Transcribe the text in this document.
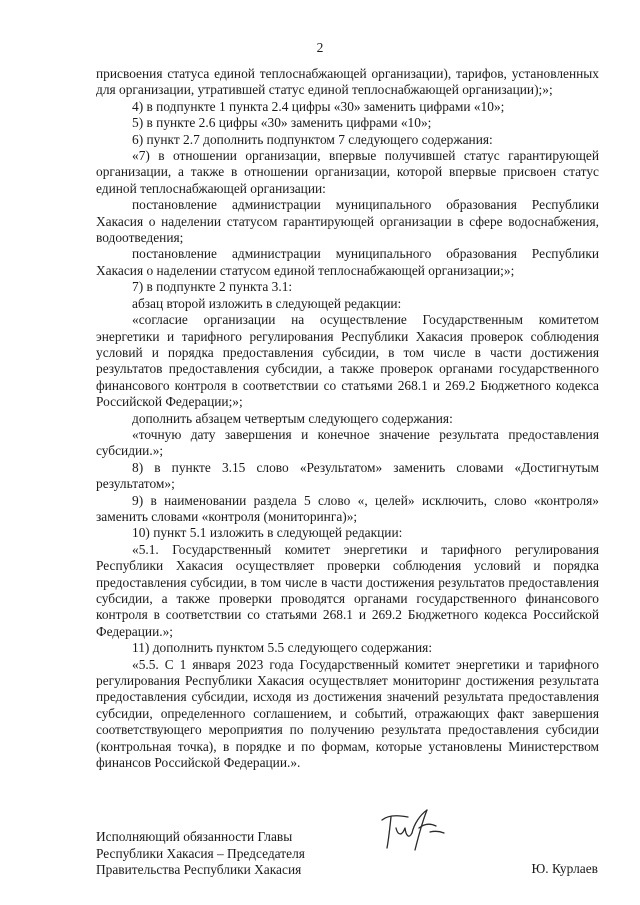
2

присвоения статуса единой теплоснабжающей организации), тарифов, установленных для организации, утратившей статус единой теплоснабжающей организации);»;

4) в подпункте 1 пункта 2.4 цифры «30» заменить цифрами «10»;

5) в пункте 2.6 цифры «30» заменить цифрами «10»;

6) пункт 2.7 дополнить подпунктом 7 следующего содержания:

«7) в отношении организации, впервые получившей статус гарантирующей организации, а также в отношении организации, которой впервые присвоен статус единой теплоснабжающей организации:

постановление администрации муниципального образования Республики Хакасия о наделении статусом гарантирующей организации в сфере водоснабжения, водоотведения;

постановление администрации муниципального образования Республики Хакасия о наделении статусом единой теплоснабжающей организации;»;

7) в подпункте 2 пункта 3.1:

абзац второй изложить в следующей редакции:

«согласие организации на осуществление Государственным комитетом энергетики и тарифного регулирования Республики Хакасия проверок соблюдения условий и порядка предоставления субсидии, в том числе в части достижения результатов предоставления субсидии, а также проверок органами государственного финансового контроля в соответствии со статьями 268.1 и 269.2 Бюджетного кодекса Российской Федерации;»;

дополнить абзацем четвертым следующего содержания:

«точную дату завершения и конечное значение результата предоставления субсидии.»;

8) в пункте 3.15 слово «Результатом» заменить словами «Достигнутым результатом»;

9) в наименовании раздела 5 слово «, целей» исключить, слово «контроля» заменить словами «контроля (мониторинга)»;

10) пункт 5.1 изложить в следующей редакции:

«5.1. Государственный комитет энергетики и тарифного регулирования Республики Хакасия осуществляет проверки соблюдения условий и порядка предоставления субсидии, в том числе в части достижения результатов предоставления субсидии, а также проверки проводятся органами государственного финансового контроля в соответствии со статьями 268.1 и 269.2 Бюджетного кодекса Российской Федерации.»;

11) дополнить пунктом 5.5 следующего содержания:

«5.5. С 1 января 2023 года Государственный комитет энергетики и тарифного регулирования Республики Хакасия осуществляет мониторинг достижения результата предоставления субсидии, исходя из достижения значений результата предоставления субсидии, определенного соглашением, и событий, отражающих факт завершения соответствующего мероприятия по получению результата предоставления субсидии (контрольная точка), в порядке и по формам, которые установлены Министерством финансов Российской Федерации.».

Исполняющий обязанности Главы
Республики Хакасия – Председателя
Правительства Республики Хакасия	Ю. Курлаев
